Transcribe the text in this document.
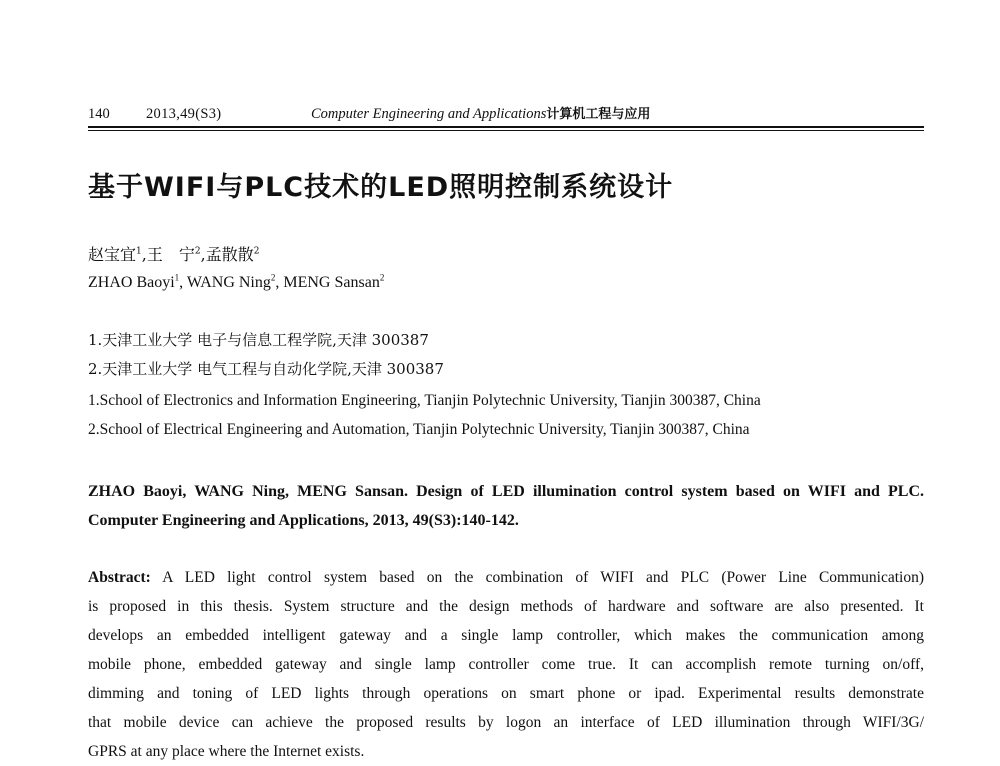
140	2013,49(S3)	Computer Engineering and Applications计算机工程与应用
基于WIFI与PLC技术的LED照明控制系统设计
赵宝宜$^1$,王　宁$^2$,孟散散$^2$
ZHAO Baoyi$^1$, WANG Ning$^2$, MENG Sansan$^2$
1.天津工业大学 电子与信息工程学院,天津 300387
2.天津工业大学 电气工程与自动化学院,天津 300387
1.School of Electronics and Information Engineering, Tianjin Polytechnic University, Tianjin 300387, China
2.School of Electrical Engineering and Automation, Tianjin Polytechnic University, Tianjin 300387, China
ZHAO Baoyi, WANG Ning, MENG Sansan. Design of LED illumination control system based on WIFI and PLC. Computer Engineering and Applications, 2013, 49(S3):140-142.
Abstract: A LED light control system based on the combination of WIFI and PLC (Power Line Communication)
is proposed in this thesis. System structure and the design methods of hardware and software are also presented. It
develops an embedded intelligent gateway and a single lamp controller, which makes the communication among
mobile phone, embedded gateway and single lamp controller come true. It can accomplish remote turning on/off,
dimming and toning of LED lights through operations on smart phone or ipad. Experimental results demonstrate
that mobile device can achieve the proposed results by logon an interface of LED illumination through WIFI/3G/
GPRS at any place where the Internet exists.
